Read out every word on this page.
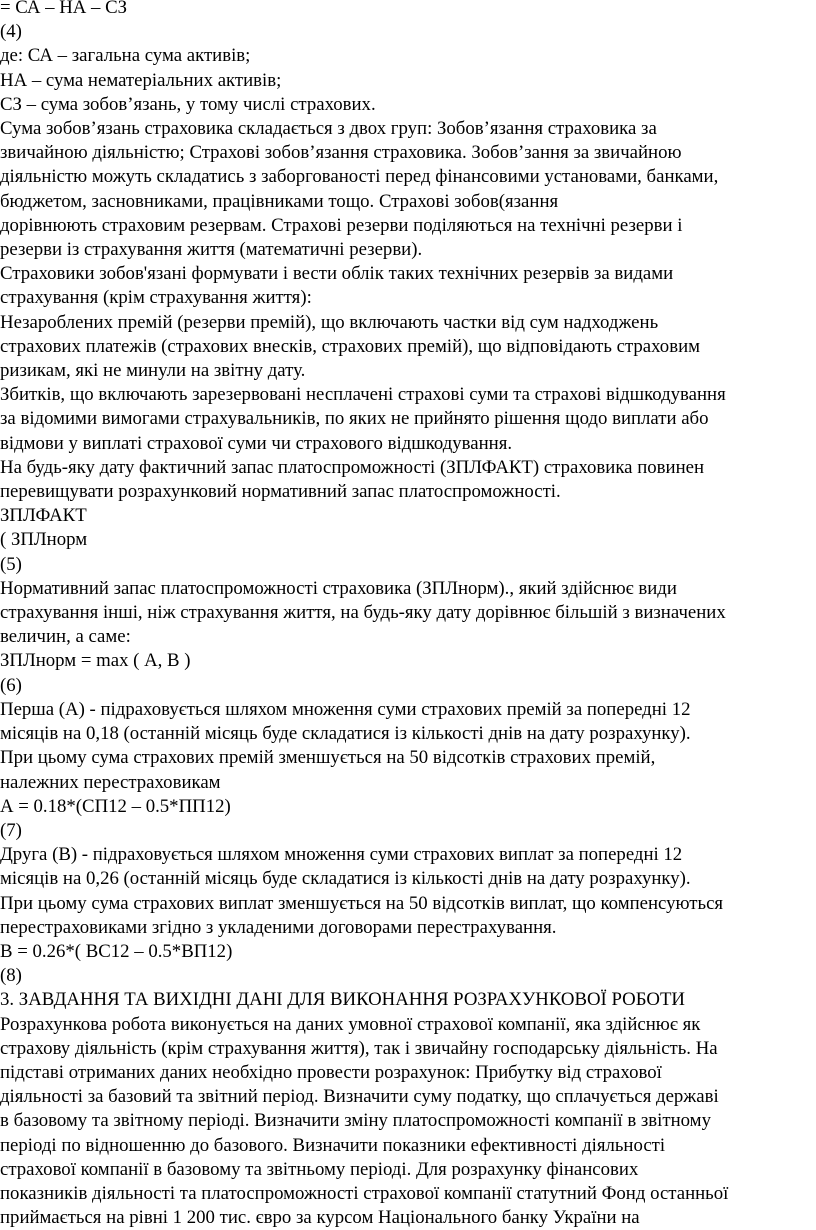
= СА – НА – СЗ
(4)
де: СА – загальна сума активів;
НА – сума нематеріальних активів;
СЗ – сума зобов’язань, у тому числі страхових.
Сума зобов’язань страховика складається з двох груп: Зобов’язання страховика за
звичайною діяльністю; Страхові зобов’язання страховика. Зобов’зання за звичайною
діяльністю можуть складатись з заборгованості перед фінансовими установами, банками,
бюджетом, засновниками, працівниками тощо. Страхові зобов(язання
дорівнюють страховим резервам. Страхові резерви поділяються на технічні резерви і
резерви із страхування життя (математичні резерви).
Страховики зобов'язані формувати і вести облік таких технічних резервів за видами
страхування (крім страхування життя):
Незароблених премій (резерви премій), що включають частки від сум надходжень
страхових платежів (страхових внесків, страхових премій), що відповідають страховим
ризикам, які не минули на звітну дату.
Збитків, що включають зарезервовані несплачені страхові суми та страхові відшкодування
за відомими вимогами страхувальників, по яких не прийнято рішення щодо виплати або
відмови у виплаті страхової суми чи страхового відшкодування.
На будь-яку дату фактичний запас платоспроможності (ЗПЛФАКТ) страховика повинен
перевищувати розрахунковий нормативний запас платоспроможності.
ЗПЛФАКТ
( ЗПЛнорм
(5)
Нормативний запас платоспроможності страховика (ЗПЛнорм)., який здійснює види
страхування інші, ніж страхування життя, на будь-яку дату дорівнює більшій з визначених
величин, а саме:
ЗПЛнорм = max ( А, В )
(6)
Перша (А) - підраховується шляхом множення суми страхових премій за попередні 12
місяців на 0,18 (останній місяць буде складатися із кількості днів на дату розрахунку).
При цьому сума страхових премій зменшується на 50 відсотків страхових премій,
належних перестраховикам
А = 0.18*(СП12 – 0.5*ПП12)
(7)
Друга (В) - підраховується шляхом множення суми страхових виплат за попередні 12
місяців на 0,26 (останній місяць буде складатися із кількості днів на дату розрахунку).
При цьому сума страхових виплат зменшується на 50 відсотків виплат, що компенсуються
перестраховиками згідно з укладеними договорами перестрахування.
В = 0.26*( ВС12 – 0.5*ВП12)
(8)
3. ЗАВДАННЯ ТА ВИХІДНІ ДАНІ ДЛЯ ВИКОНАННЯ РОЗРАХУНКОВОЇ РОБОТИ
Розрахункова робота виконується на даних умовної страхової компанії, яка здійснює як
страхову діяльність (крім страхування життя), так і звичайну господарську діяльність. На
підставі отриманих даних необхідно провести розрахунок: Прибутку від страхової
діяльності за базовий та звітний період. Визначити суму податку, що сплачується державі
в базовому та звітному періоді. Визначити зміну платоспроможності компанії в звітному
періоді по відношенню до базового. Визначити показники ефективності діяльності
страхової компанії в базовому та звітньому періоді. Для розрахунку фінансових
показників діяльності та платоспроможності страхової компанії статутний Фонд останньої
приймається на рівні 1 200 тис. євро за курсом Національного банку України на
